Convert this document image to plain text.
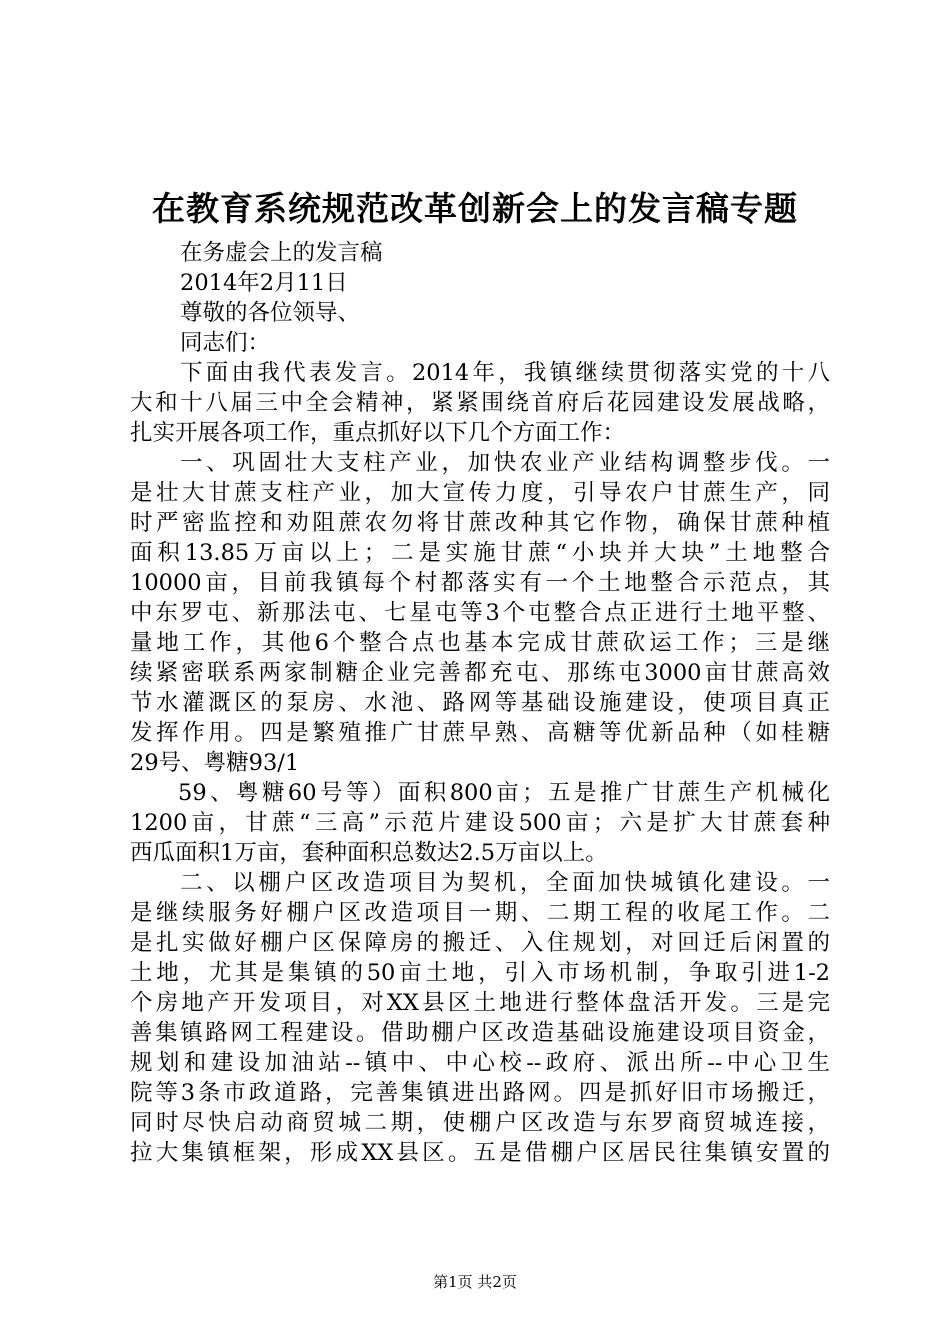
在教育系统规范改革创新会上的发言稿专题
在务虚会上的发言稿
2014年2月11日
尊敬的各位领导、
同志们：
下面由我代表发言。2014年，我镇继续贯彻落实党的十八
大和十八届三中全会精神，紧紧围绕首府后花园建设发展战略，
扎实开展各项工作，重点抓好以下几个方面工作：
一、巩固壮大支柱产业，加快农业产业结构调整步伐。一
是壮大甘蔗支柱产业，加大宣传力度，引导农户甘蔗生产，同
时严密监控和劝阻蔗农勿将甘蔗改种其它作物，确保甘蔗种植
面积13.85万亩以上；二是实施甘蔗“小块并大块”土地整合
10000亩，目前我镇每个村都落实有一个土地整合示范点，其
中东罗屯、新那法屯、七星屯等3个屯整合点正进行土地平整、
量地工作，其他6个整合点也基本完成甘蔗砍运工作；三是继
续紧密联系两家制糖企业完善都充屯、那练屯3000亩甘蔗高效
节水灌溉区的泵房、水池、路网等基础设施建设，使项目真正
发挥作用。四是繁殖推广甘蔗早熟、高糖等优新品种（如桂糖
29号、粤糖93/1
59、粤糖60号等）面积800亩；五是推广甘蔗生产机械化
1200亩，甘蔗“三高”示范片建设500亩；六是扩大甘蔗套种
西瓜面积1万亩，套种面积总数达2.5万亩以上。
二、以棚户区改造项目为契机，全面加快城镇化建设。一
是继续服务好棚户区改造项目一期、二期工程的收尾工作。二
是扎实做好棚户区保障房的搬迁、入住规划，对回迁后闲置的
土地，尤其是集镇的50亩土地，引入市场机制，争取引进1-2
个房地产开发项目，对XX县区土地进行整体盘活开发。三是完
善集镇路网工程建设。借助棚户区改造基础设施建设项目资金，
规划和建设加油站--镇中、中心校--政府、派出所--中心卫生
院等3条市政道路，完善集镇进出路网。四是抓好旧市场搬迁，
同时尽快启动商贸城二期，使棚户区改造与东罗商贸城连接，
拉大集镇框架，形成XX县区。五是借棚户区居民往集镇安置的
第1页 共2页
